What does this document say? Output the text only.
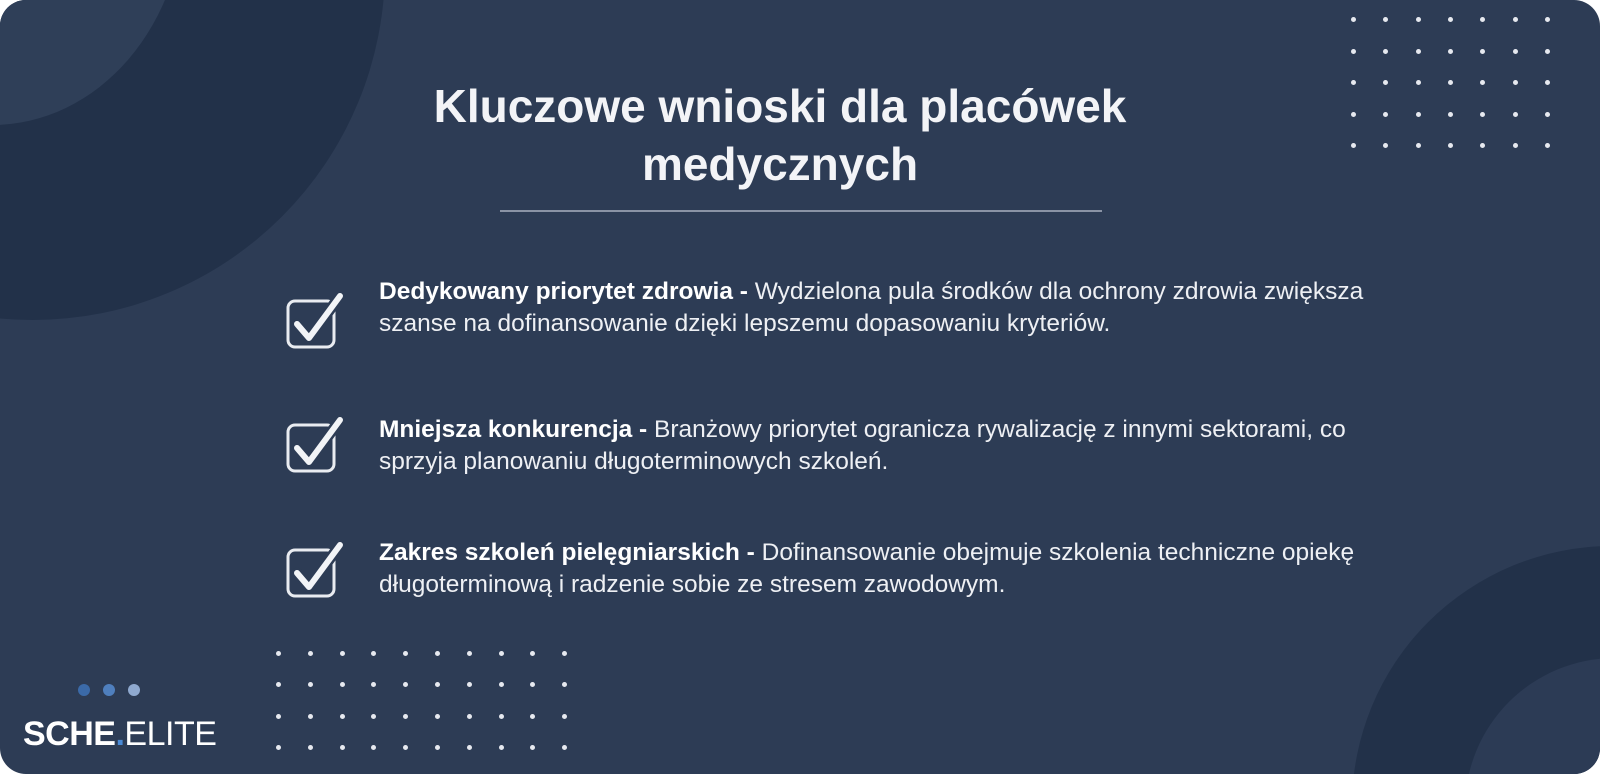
Kluczowe wnioski dla placówek
medycznych
Dedykowany priorytet zdrowia - Wydzielona pula środków dla ochrony zdrowia zwiększa szanse na dofinansowanie dzięki lepszemu dopasowaniu kryteriów.
Mniejsza konkurencja - Branżowy priorytet ogranicza rywalizację z innymi sektorami, co sprzyja planowaniu długoterminowych szkoleń.
Zakres szkoleń pielęgniarskich - Dofinansowanie obejmuje szkolenia techniczne opiekę długoterminową i radzenie sobie ze stresem zawodowym.
SCHE.ELITE
